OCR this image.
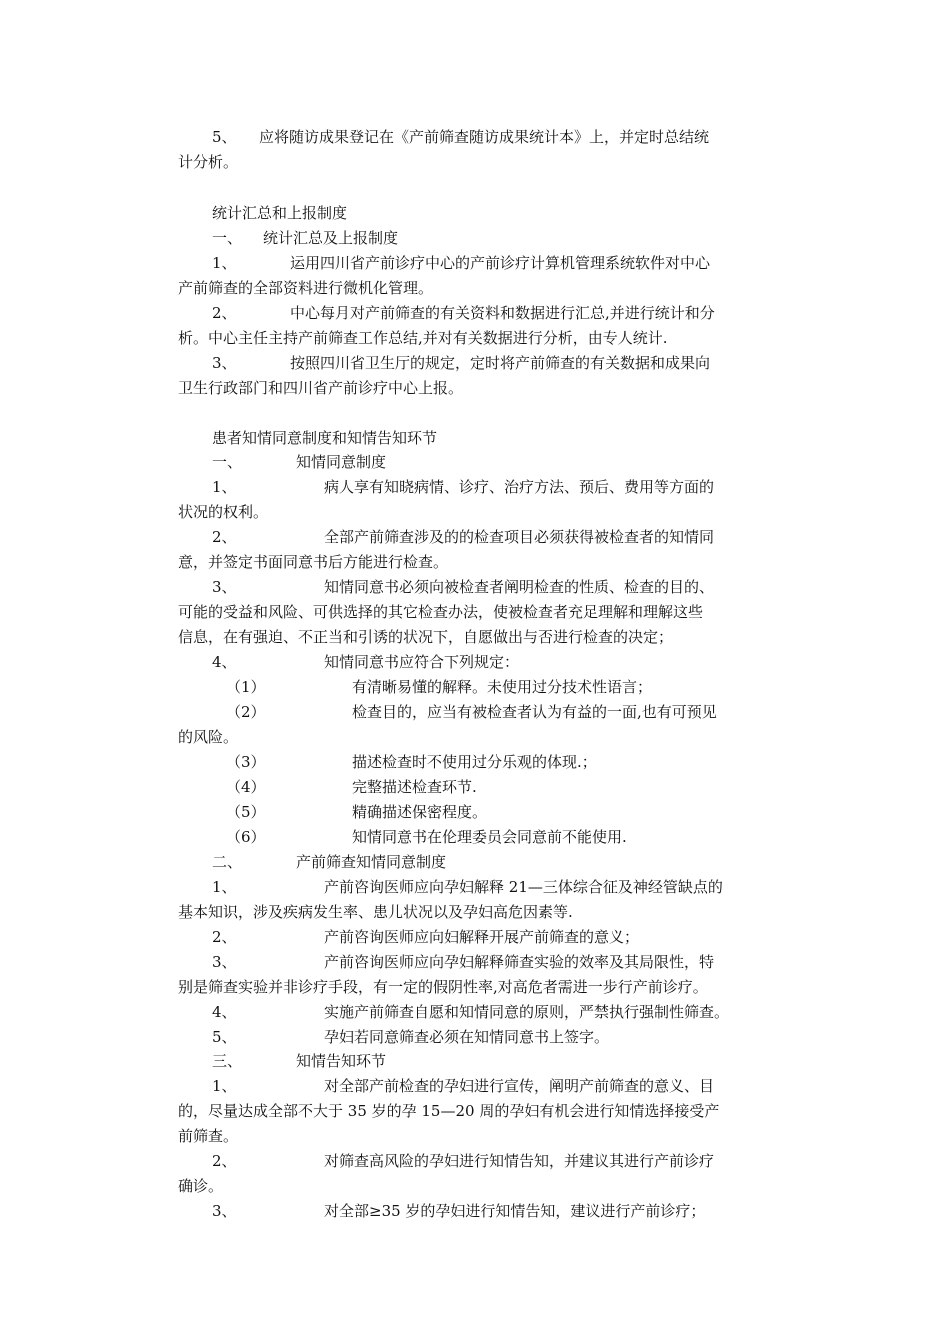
5、 应将随访成果登记在《产前筛查随访成果统计本》上，并定时总结统
计分析。
统计汇总和上报制度
一、 统计汇总及上报制度
1、	运用四川省产前诊疗中心的产前诊疗计算机管理系统软件对中心
产前筛查的全部资料进行微机化管理。
2、	中心每月对产前筛查的有关资料和数据进行汇总,并进行统计和分
析。中心主任主持产前筛查工作总结,并对有关数据进行分析，由专人统计.
3、	按照四川省卫生厅的规定，定时将产前筛查的有关数据和成果向
卫生行政部门和四川省产前诊疗中心上报。
患者知情同意制度和知情告知环节
一、	知情同意制度
1、	病人享有知晓病情、诊疗、治疗方法、预后、费用等方面的
状况的权利。
2、	全部产前筛查涉及的的检查项目必须获得被检查者的知情同
意，并签定书面同意书后方能进行检查。
3、	知情同意书必须向被检查者阐明检查的性质、检查的目的、
可能的受益和风险、可供选择的其它检查办法，使被检查者充足理解和理解这些
信息，在有强迫、不正当和引诱的状况下，自愿做出与否进行检查的决定；
4、	知情同意书应符合下列规定：
（1）	有清晰易懂的解释。未使用过分技术性语言；
（2）	检查目的，应当有被检查者认为有益的一面,也有可预见
的风险。
（3）	描述检查时不使用过分乐观的体现.；
（4）	完整描述检查环节.
（5）	精确描述保密程度。
（6）	知情同意书在伦理委员会同意前不能使用.
二、	产前筛查知情同意制度
1、	产前咨询医师应向孕妇解释 21—三体综合征及神经管缺点的
基本知识，涉及疾病发生率、患儿状况以及孕妇高危因素等.
2、	产前咨询医师应向妇解释开展产前筛查的意义；
3、	产前咨询医师应向孕妇解释筛查实验的效率及其局限性，特
别是筛查实验并非诊疗手段，有一定的假阴性率,对高危者需进一步行产前诊疗。
4、	实施产前筛查自愿和知情同意的原则，严禁执行强制性筛查。
5、	孕妇若同意筛查必须在知情同意书上签字。
三、	知情告知环节
1、	对全部产前检查的孕妇进行宣传，阐明产前筛查的意义、目
的，尽量达成全部不大于 35 岁的孕 15—20 周的孕妇有机会进行知情选择接受产
前筛查。
2、	对筛查高风险的孕妇进行知情告知，并建议其进行产前诊疗
确诊。
3、	对全部≥35 岁的孕妇进行知情告知，建议进行产前诊疗；
